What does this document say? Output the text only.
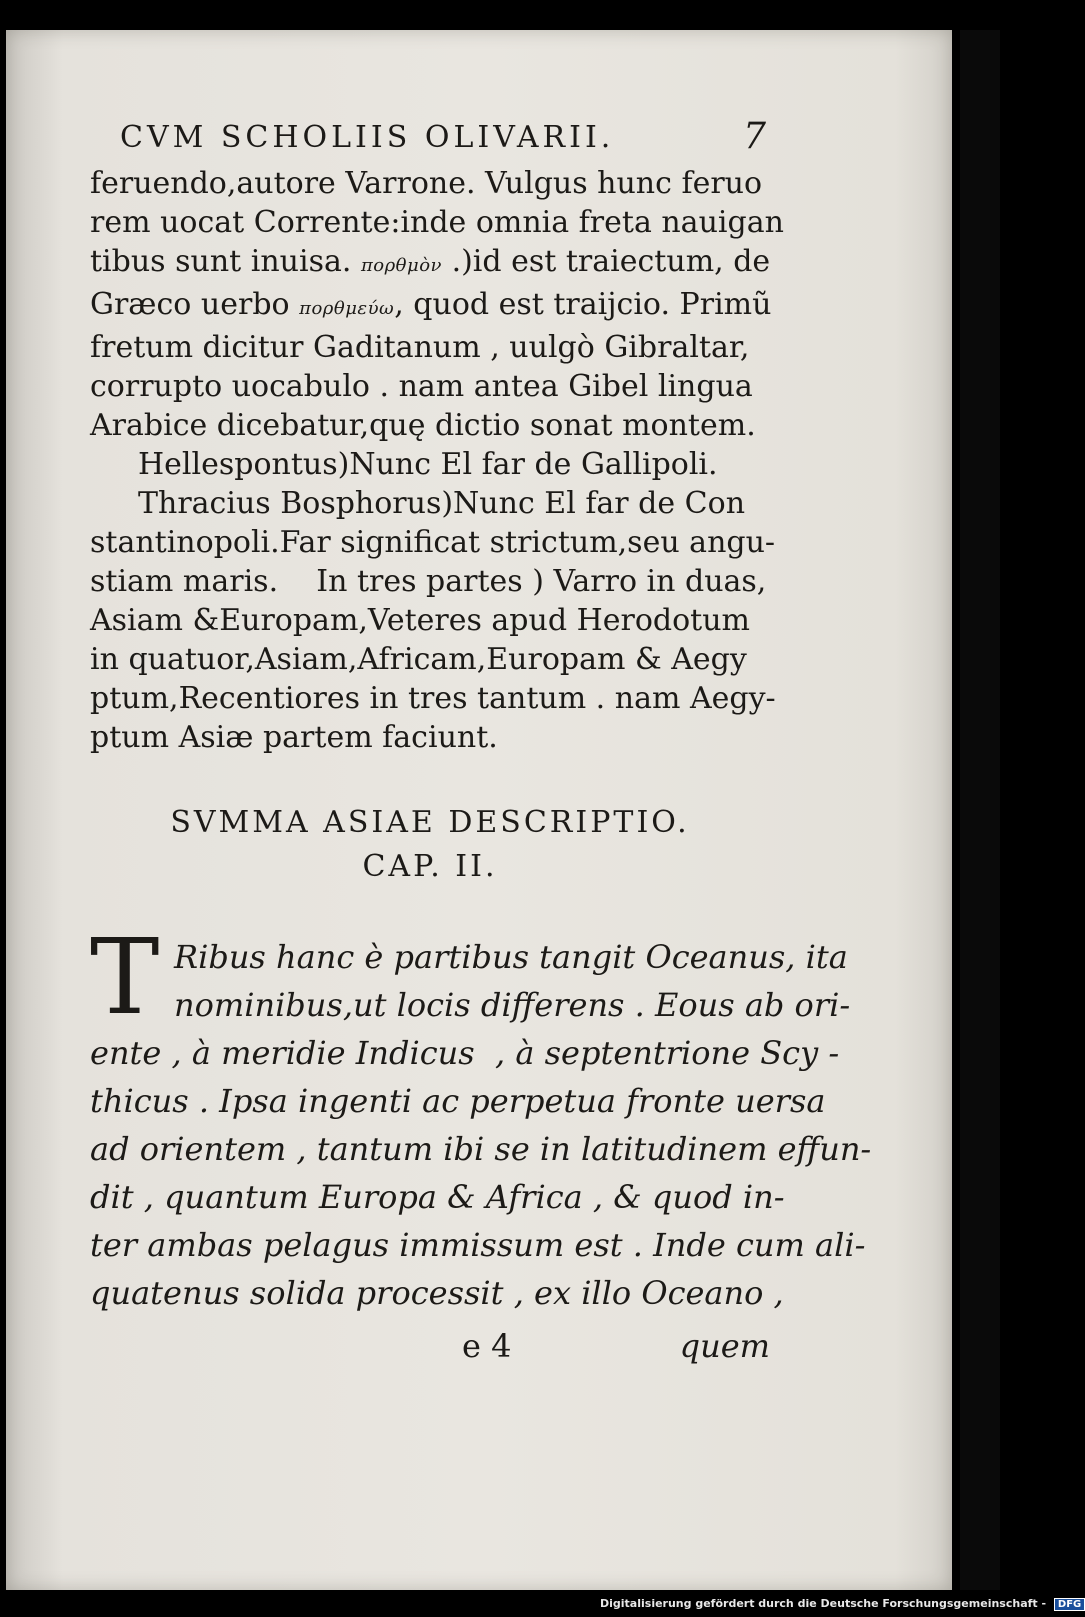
CVM SCHOLIIS OLIVARII.	7
feruendo,autore Varrone. Vulgus hunc feruo
rem uocat Corrente:inde omnia freta nauigan
tibus sunt inuisa. πορθμὸν .)id est traiectum, de
Græco uerbo πορθμεύω, quod est traijcio. Primũ
fretum dicitur Gaditanum , uulgò Gibraltar,
corrupto uocabulo . nam antea Gibel lingua
Arabice dicebatur,quę dictio sonat montem.
Hellespontus)Nunc El far de Gallipoli.
Thracius Bosphorus)Nunc El far de Con
stantinopoli.Far significat strictum,seu angu-
stiam maris.    In tres partes ) Varro in duas,
Asiam &Europam,Veteres apud Herodotum
in quatuor,Asiam,Africam,Europam & Aegy
ptum,Recentiores in tres tantum . nam Aegy-
ptum Asiæ partem faciunt.
SVMMA ASIAE DESCRIPTIO.
CAP. II.
T Ribus hanc è partibus tangit Oceanus, ita
nominibus,ut locis differens . Eous ab ori-
ente , à meridie Indicus  , à septentrione Scy -
thicus . Ipsa ingenti ac perpetua fronte uersa
ad orientem , tantum ibi se in latitudinem effun-
dit , quantum Europa & Africa , & quod in-
ter ambas pelagus immissum est . Inde cum ali-
quatenus solida processit , ex illo Oceano ,
e 4	quem
Digitalisierung gefördert durch die Deutsche Forschungsgemeinschaft - DFG
